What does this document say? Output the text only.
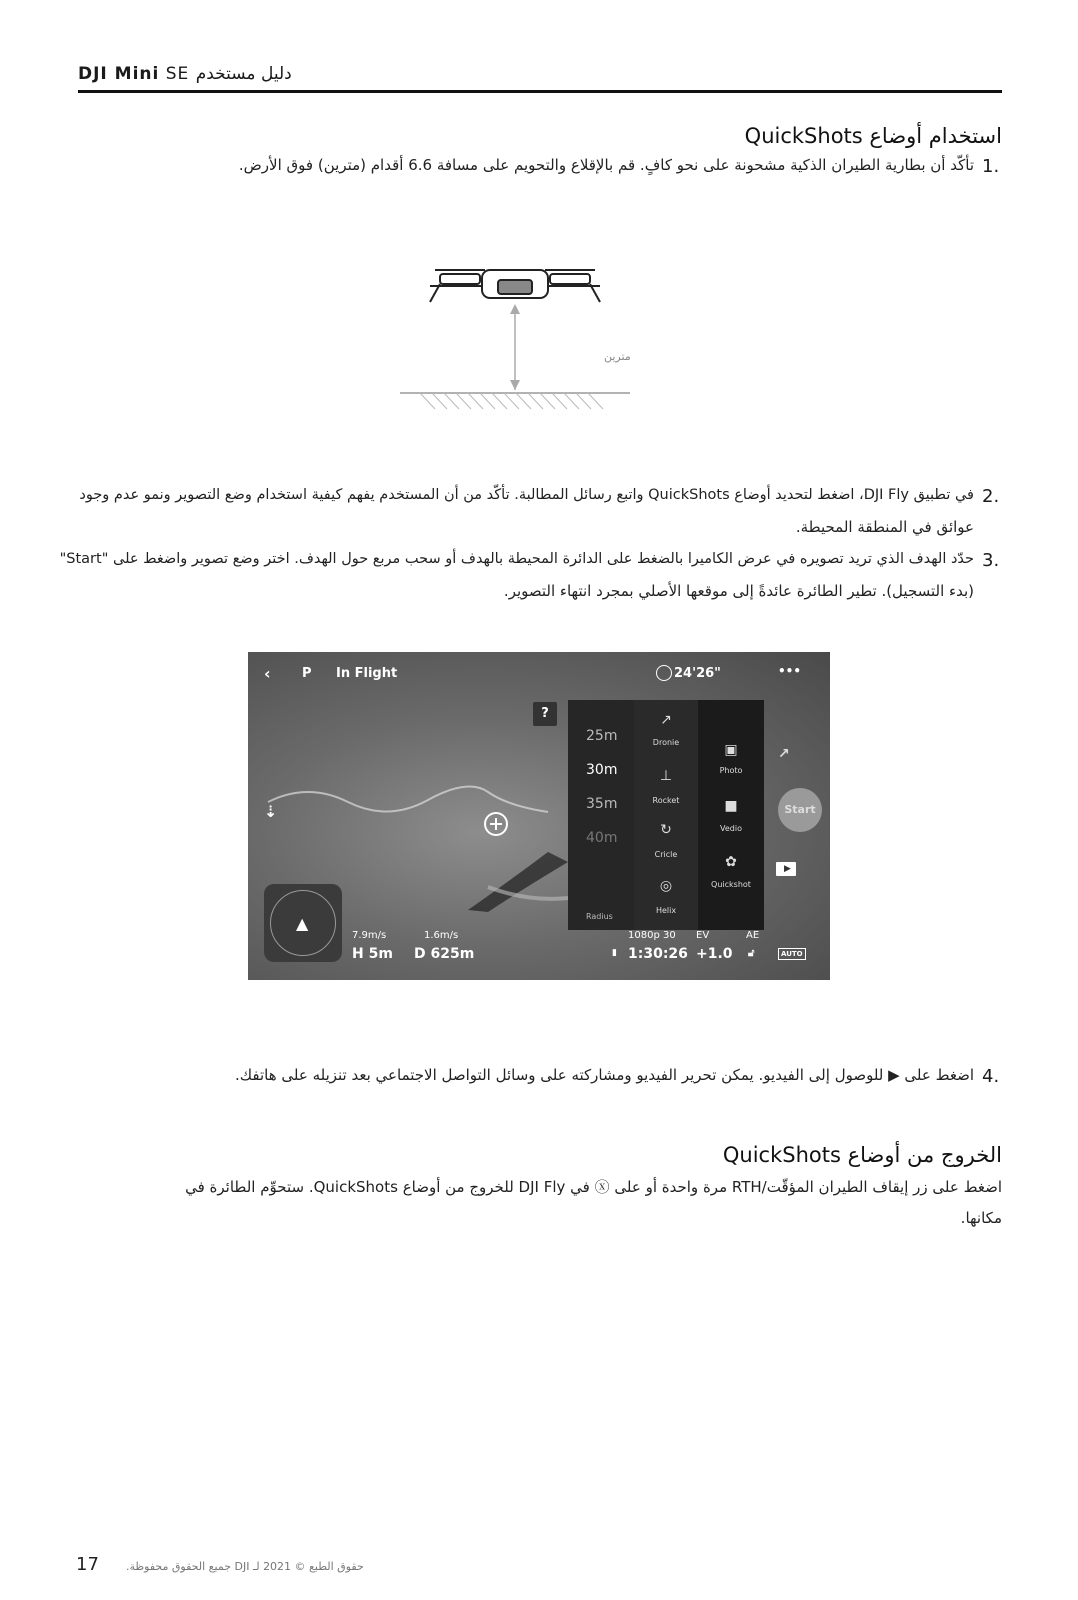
DJI Mini SE دليل مستخدم
استخدام أوضاع QuickShots
تأكّد أن بطارية الطيران الذكية مشحونة على نحو كافٍ. قم بالإقلاع والتحويم على مسافة 6.6 أقدام (مترين) فوق الأرض. 1.
مترين
في تطبيق DJI Fly، اضغط لتحديد أوضاع QuickShots واتبع رسائل المطالبة. تأكّد من أن المستخدم يفهم كيفية استخدام وضع التصوير ونمو عدم وجود 2.
عوائق في المنطقة المحيطة.
حدّد الهدف الذي تريد تصويره في عرض الكاميرا بالضغط على الدائرة المحيطة بالهدف أو سحب مربع حول الهدف. اختر وضع تصوير واضغط على "Start" 3.
(بدء التسجيل). تطير الطائرة عائدةً إلى موقعها الأصلي بمجرد انتهاء التصوير.
‹ P In Flight	24'26"	•••
?
25m
30m
35m
40m
Radius
↗
Dronie
⊥
Rocket
↻
Cricle
◎
Helix
▣
Photo
■
Vedio
✿
Quickshot
↗
Start
▶
⇣
▲
7.9m/s	1.6m/s
H 5m D 625m
1080p 30
▮ 1:30:26
EV
+1.0
AE
🔓︎	AUTO
اضغط على ▶ للوصول إلى الفيديو. يمكن تحرير الفيديو ومشاركته على وسائل التواصل الاجتماعي بعد تنزيله على هاتفك. 4.
الخروج من أوضاع QuickShots
اضغط على زر إيقاف الطيران المؤقّت/RTH مرة واحدة أو على ⓧ في DJI Fly للخروج من أوضاع QuickShots. ستحوِّم الطائرة في مكانها.
17 حقوق الطبع © 2021 لـ DJI جميع الحقوق محفوظة.
